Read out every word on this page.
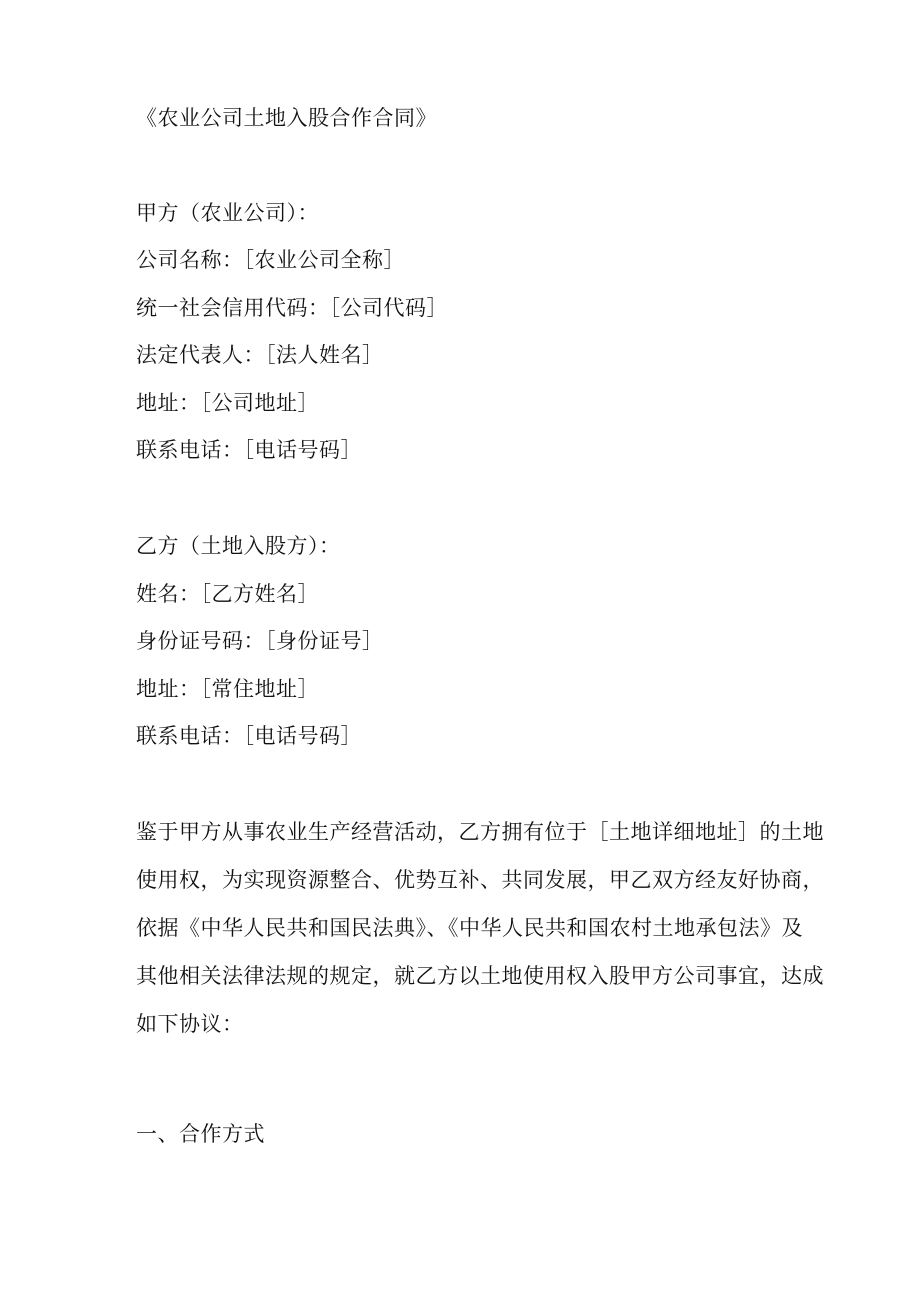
《农业公司土地入股合作合同》
甲方（农业公司）：
公司名称：［农业公司全称］
统一社会信用代码：［公司代码］
法定代表人：［法人姓名］
地址：［公司地址］
联系电话：［电话号码］
乙方（土地入股方）：
姓名：［乙方姓名］
身份证号码：［身份证号］
地址：［常住地址］
联系电话：［电话号码］
鉴于甲方从事农业生产经营活动，乙方拥有位于［土地详细地址］的土地
使用权，为实现资源整合、优势互补、共同发展，甲乙双方经友好协商，
依据《中华人民共和国民法典》、《中华人民共和国农村土地承包法》及
其他相关法律法规的规定，就乙方以土地使用权入股甲方公司事宜，达成
如下协议：
一、合作方式
